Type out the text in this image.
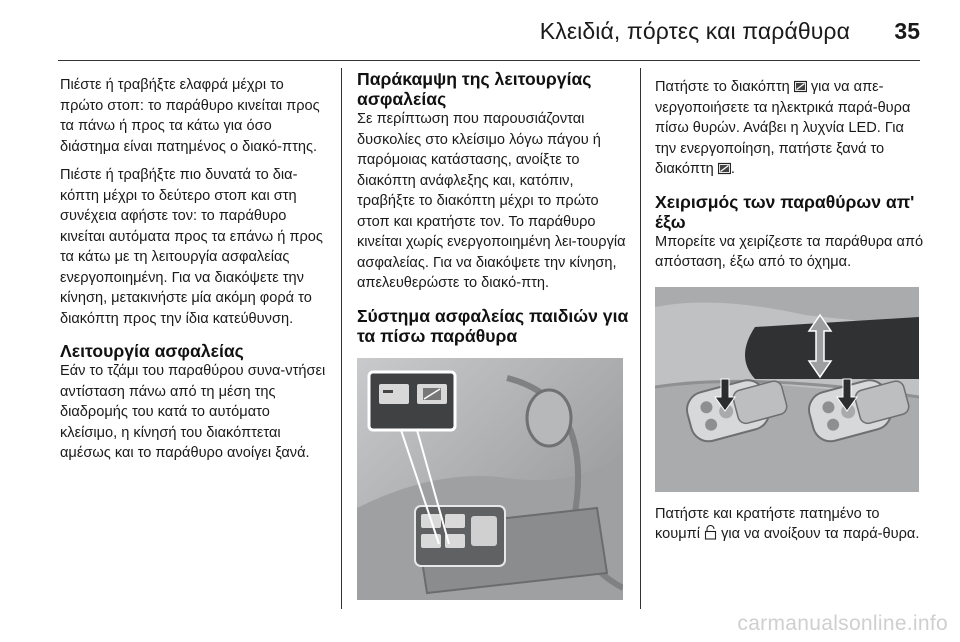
Κλειδιά, πόρτες και παράθυρα 35

Πιέστε ή τραβήξτε ελαφρά μέχρι το πρώτο στοπ: το παράθυρο κινείται προς τα πάνω ή προς τα κάτω για όσο διάστημα είναι πατημένος ο διακό‐πτης.

Πιέστε ή τραβήξτε πιο δυνατά το δια‐κόπτη μέχρι το δεύτερο στοπ και στη συνέχεια αφήστε τον: το παράθυρο κινείται αυτόματα προς τα επάνω ή προς τα κάτω με τη λειτουργία ασφαλείας ενεργοποιημένη. Για να διακόψετε την κίνηση, μετακινήστε μία ακόμη φορά το διακόπτη προς την ίδια κατεύθυνση.

Λειτουργία ασφαλείας

Εάν το τζάμι του παραθύρου συνα‐ντήσει αντίσταση πάνω από τη μέση της διαδρομής του κατά το αυτόματο κλείσιμο, η κίνησή του διακόπτεται αμέσως και το παράθυρο ανοίγει ξανά.

Παράκαμψη της λειτουργίας ασφαλείας

Σε περίπτωση που παρουσιάζονται δυσκολίες στο κλείσιμο λόγω πάγου ή παρόμοιας κατάστασης, ανοίξτε το διακόπτη ανάφλεξης και, κατόπιν, τραβήξτε το διακόπτη μέχρι το πρώτο στοπ και κρατήστε τον. Το παράθυρο κινείται χωρίς ενεργοποιημένη λει‐τουργία ασφαλείας. Για να διακόψετε την κίνηση, απελευθερώστε το διακό‐πτη.

Σύστημα ασφαλείας παιδιών για τα πίσω παράθυρα

Πατήστε το διακόπτη για να απε‐νεργοποιήσετε τα ηλεκτρικά παρά‐θυρα πίσω θυρών. Ανάβει η λυχνία LED. Για την ενεργοποίηση, πατήστε ξανά το διακόπτη .

Χειρισμός των παραθύρων απ' έξω

Μπορείτε να χειρίζεστε τα παράθυρα από απόσταση, έξω από το όχημα.

Πατήστε και κρατήστε πατημένο το κουμπί για να ανοίξουν τα παρά‐θυρα.

carmanualsonline.info
